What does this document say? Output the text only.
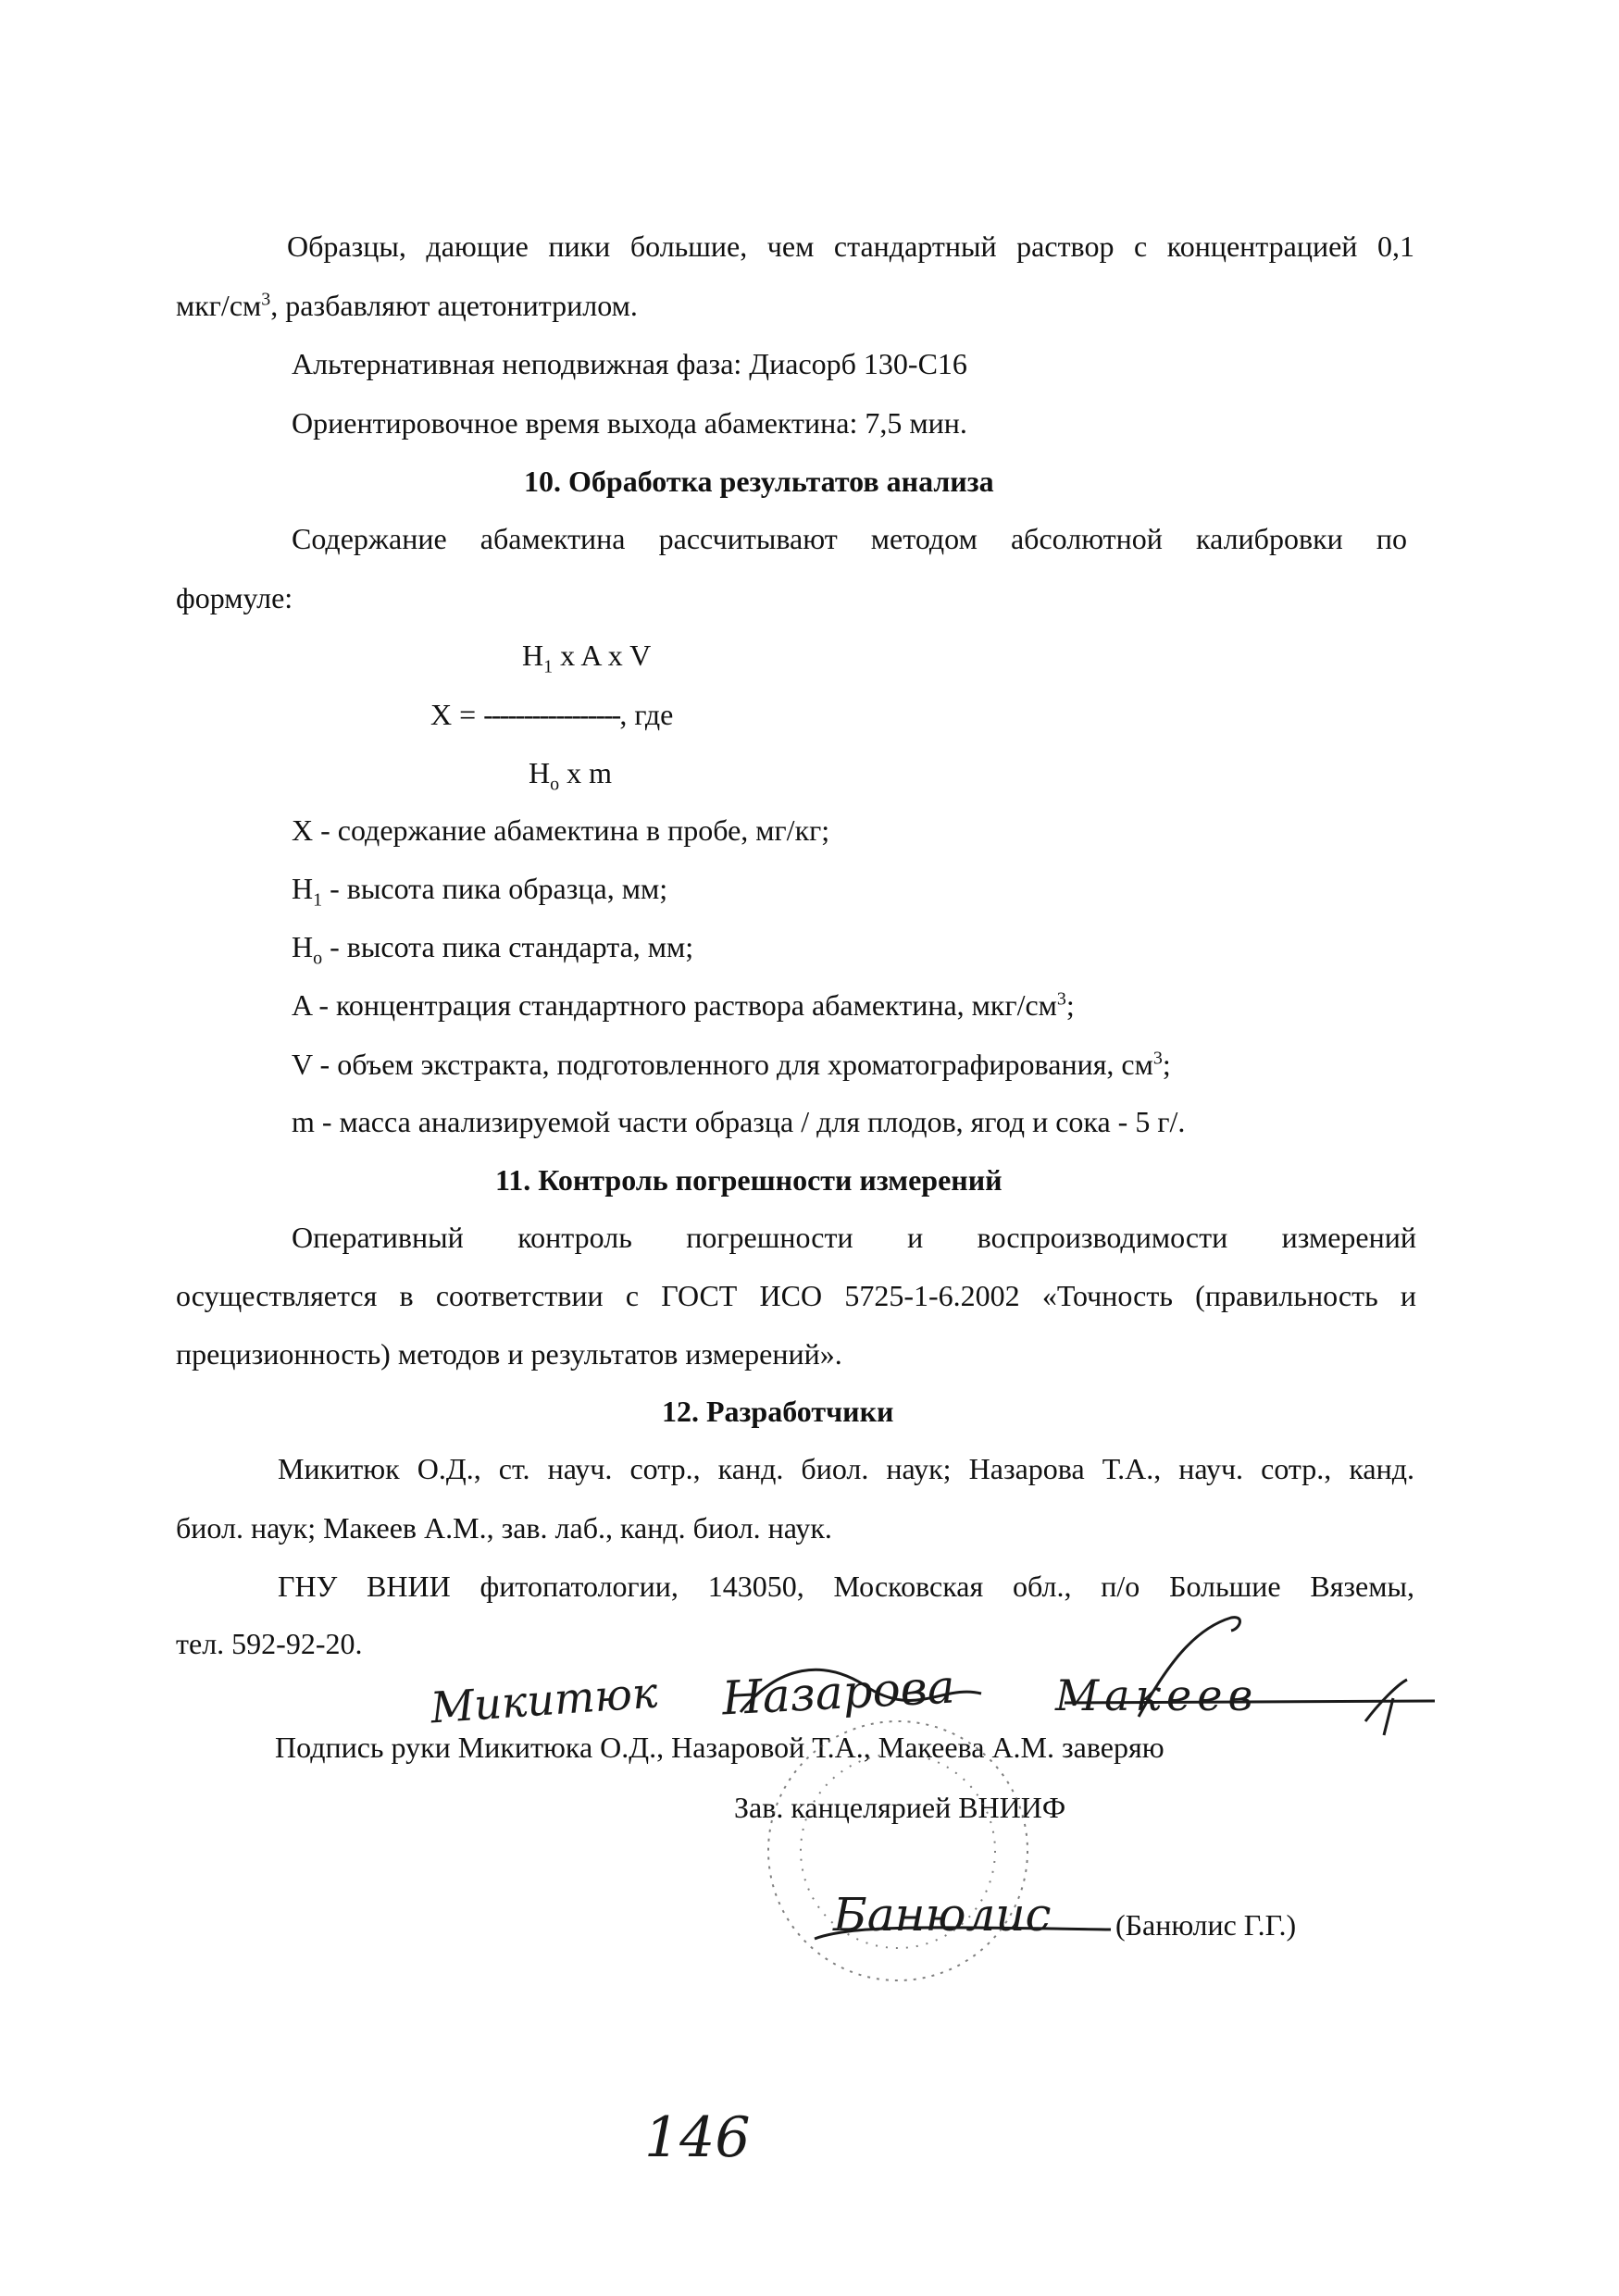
Образцы, дающие пики большие, чем стандартный раствор с концентрацией 0,1
мкг/$см^3$, разбавляют ацетонитрилом.
Альтернативная неподвижная фаза: Диасорб 130-С16
Ориентировочное время выхода абамектина: 7,5 мин.
10. Обработка результатов анализа
Содержание абамектина рассчитывают методом абсолютной калибровки по
формуле:
$H_1$ x A x V
X = -----------------, где
$H_o$ x m
X - содержание абамектина в пробе, мг/кг;
$H_1$ - высота пика образца, мм;
$H_o$ - высота пика стандарта, мм;
A - концентрация стандартного раствора абамектина, мкг/$см^3$;
V - объем экстракта, подготовленного для хроматографирования, $см^3$;
m - масса анализируемой части образца / для плодов, ягод и сока - 5 г/.
11. Контроль погрешности измерений
Оперативный контроль погрешности и воспроизводимости измерений
осуществляется в соответствии с ГОСТ ИСО 5725-1-6.2002 «Точность (правильность и
прецизионность) методов и результатов измерений».
12. Разработчики
Микитюк О.Д., ст. науч. сотр., канд. биол. наук; Назарова Т.А., науч. сотр., канд.
биол. наук; Макеев А.М., зав. лаб., канд. биол. наук.
ГНУ ВНИИ фитопатологии, 143050, Московская обл., п/о Большие Вяземы,
тел. 592-92-20.
Подпись руки Микитюка О.Д., Назаровой Т.А., Макеева А.М. заверяю
Зав. канцелярией ВНИИФ
(Банюлис Г.Г.)
Микитюк Назарова Макеев
Банюлис
146
